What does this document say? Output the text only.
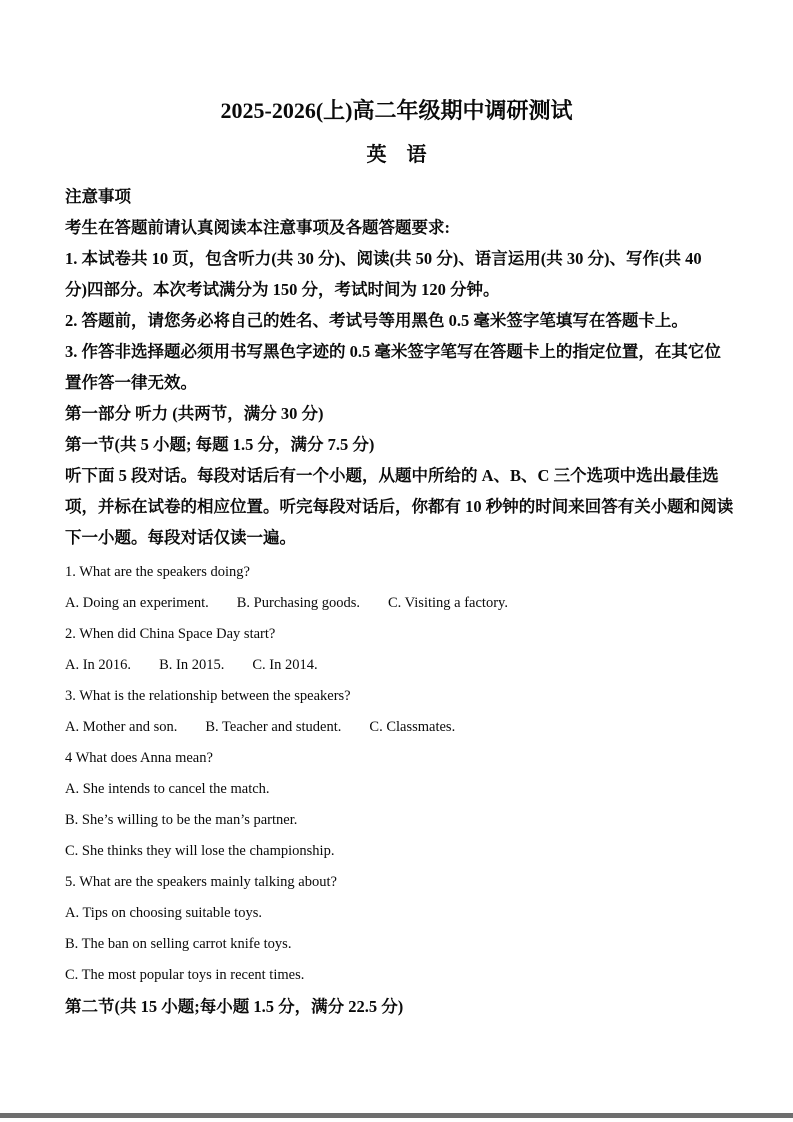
2025-2026(上)高二年级期中调研测试
英　语
注意事项
考生在答题前请认真阅读本注意事项及各题答题要求:
1. 本试卷共 10 页，包含听力(共 30 分)、阅读(共 50 分)、语言运用(共 30 分)、写作(共 40
分)四部分。本次考试满分为 150 分，考试时间为 120 分钟。
2. 答题前，请您务必将自己的姓名、考试号等用黑色 0.5 毫米签字笔填写在答题卡上。
3. 作答非选择题必须用书写黑色字迹的 0.5 毫米签字笔写在答题卡上的指定位置，在其它位
置作答一律无效。
第一部分 听力 (共两节，满分 30 分)
第一节(共 5 小题; 每题 1.5 分，满分 7.5 分)
听下面 5 段对话。每段对话后有一个小题，从题中所给的 A、B、C 三个选项中选出最佳选
项，并标在试卷的相应位置。听完每段对话后，你都有 10 秒钟的时间来回答有关小题和阅读
下一小题。每段对话仅读一遍。
1. What are the speakers doing?
A. Doing an experiment. B. Purchasing goods. C. Visiting a factory.
2. When did China Space Day start?
A. In 2016. B. In 2015. C. In 2014.
3. What is the relationship between the speakers?
A. Mother and son. B. Teacher and student. C. Classmates.
4 What does Anna mean?
A. She intends to cancel the match.
B. She’s willing to be the man’s partner.
C. She thinks they will lose the championship.
5. What are the speakers mainly talking about?
A. Tips on choosing suitable toys.
B. The ban on selling carrot knife toys.
C. The most popular toys in recent times.
第二节(共 15 小题;每小题 1.5 分，满分 22.5 分)
